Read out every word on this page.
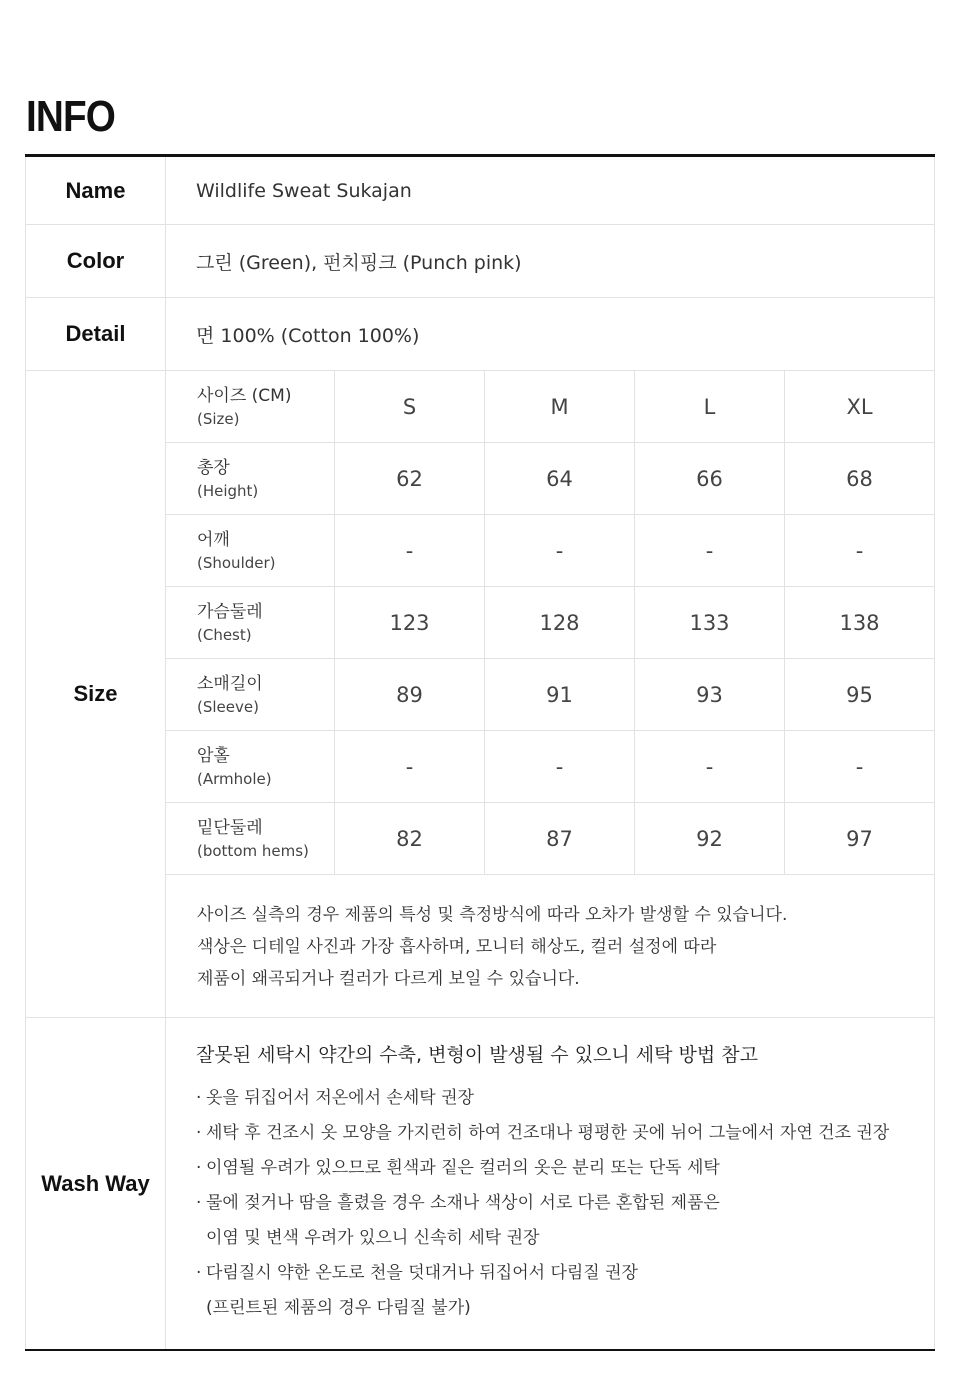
INFO
Name	Wildlife Sweat Sukajan
Color	그린 (Green), 펀치핑크 (Punch pink)
Detail	면 100% (Cotton 100%)
Size
사이즈 (CM)
(Size)	S	M	L	XL
총장
(Height)	62	64	66	68
어깨
(Shoulder)	-	-	-	-
가슴둘레
(Chest)	123	128	133	138
소매길이
(Sleeve)	89	91	93	95
암홀
(Armhole)	-	-	-	-
밑단둘레
(bottom hems)	82	87	92	97

사이즈 실측의 경우 제품의 특성 및 측정방식에 따라 오차가 발생할 수 있습니다.

색상은 디테일 사진과 가장 흡사하며, 모니터 해상도, 컬러 설정에 따라

제품이 왜곡되거나 컬러가 다르게 보일 수 있습니다.

Wash Way
잘못된 세탁시 약간의 수축, 변형이 발생될 수 있으니 세탁 방법 참고
· 옷을 뒤집어서 저온에서 손세탁 권장
· 세탁 후 건조시 옷 모양을 가지런히 하여 건조대나 평평한 곳에 뉘어 그늘에서 자연 건조 권장
· 이염될 우려가 있으므로 흰색과 짙은 컬러의 옷은 분리 또는 단독 세탁
· 물에 젖거나 땀을 흘렸을 경우 소재나 색상이 서로 다른 혼합된 제품은
이염 및 변색 우려가 있으니 신속히 세탁 권장
· 다림질시 약한 온도로 천을 덧대거나 뒤집어서 다림질 권장
(프린트된 제품의 경우 다림질 불가)
